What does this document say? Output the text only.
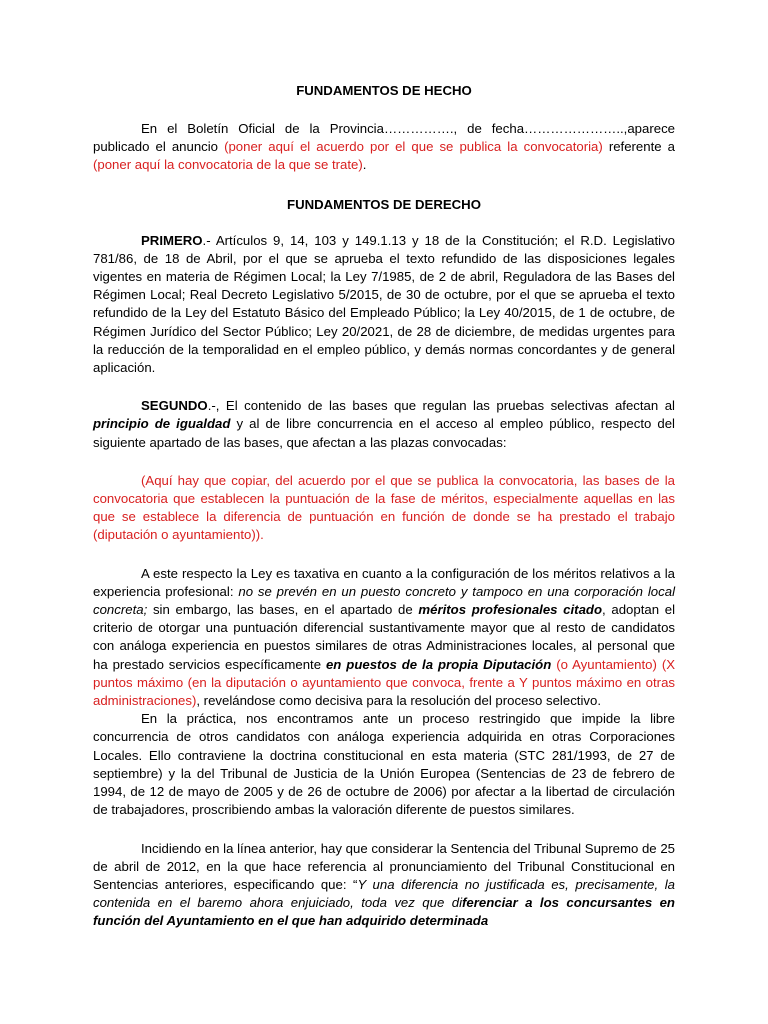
FUNDAMENTOS DE HECHO

En el Boletín Oficial de la Provincia……………., de fecha…………………..,aparece publicado el anuncio (poner aquí el acuerdo por el que se publica la convocatoria) referente a (poner aquí la convocatoria de la que se trate).

FUNDAMENTOS DE DERECHO

PRIMERO.- Artículos 9, 14, 103 y 149.1.13 y 18 de la Constitución; el R.D. Legislativo 781/86, de 18 de Abril, por el que se aprueba el texto refundido de las disposiciones legales vigentes en materia de Régimen Local; la Ley 7/1985, de 2 de abril, Reguladora de las Bases del Régimen Local; Real Decreto Legislativo 5/2015, de 30 de octubre, por el que se aprueba el texto refundido de la Ley del Estatuto Básico del Empleado Público; la Ley 40/2015, de 1 de octubre, de Régimen Jurídico del Sector Público; Ley 20/2021, de 28 de diciembre, de medidas urgentes para la reducción de la temporalidad en el empleo público, y demás normas concordantes y de general aplicación.

SEGUNDO.-, El contenido de las bases que regulan las pruebas selectivas afectan al principio de igualdad y al de libre concurrencia en el acceso al empleo público, respecto del siguiente apartado de las bases, que afectan a las plazas convocadas:

(Aquí hay que copiar, del acuerdo por el que se publica la convocatoria, las bases de la convocatoria que establecen la puntuación de la fase de méritos, especialmente aquellas en las que se establece la diferencia de puntuación en función de donde se ha prestado el trabajo (diputación o ayuntamiento)).

A este respecto la Ley es taxativa en cuanto a la configuración de los méritos relativos a la experiencia profesional: no se prevén en un puesto concreto y tampoco en una corporación local concreta; sin embargo, las bases, en el apartado de méritos profesionales citado, adoptan el criterio de otorgar una puntuación diferencial sustantivamente mayor que al resto de candidatos con análoga experiencia en puestos similares de otras Administraciones locales, al personal que ha prestado servicios específicamente en puestos de la propia Diputación (o Ayuntamiento) (X puntos máximo (en la diputación o ayuntamiento que convoca, frente a Y puntos máximo en otras administraciones), revelándose como decisiva para la resolución del proceso selectivo.

En la práctica, nos encontramos ante un proceso restringido que impide la libre concurrencia de otros candidatos con análoga experiencia adquirida en otras Corporaciones Locales. Ello contraviene la doctrina constitucional en esta materia (STC 281/1993, de 27 de septiembre) y la del Tribunal de Justicia de la Unión Europea (Sentencias de 23 de febrero de 1994, de 12 de mayo de 2005 y de 26 de octubre de 2006) por afectar a la libertad de circulación de trabajadores, proscribiendo ambas la valoración diferente de puestos similares.

Incidiendo en la línea anterior, hay que considerar la Sentencia del Tribunal Supremo de 25 de abril de 2012, en la que hace referencia al pronunciamiento del Tribunal Constitucional en Sentencias anteriores, especificando que: “Y una diferencia no justificada es, precisamente, la contenida en el baremo ahora enjuiciado, toda vez que diferenciar a los concursantes en función del Ayuntamiento en el que han adquirido determinada
